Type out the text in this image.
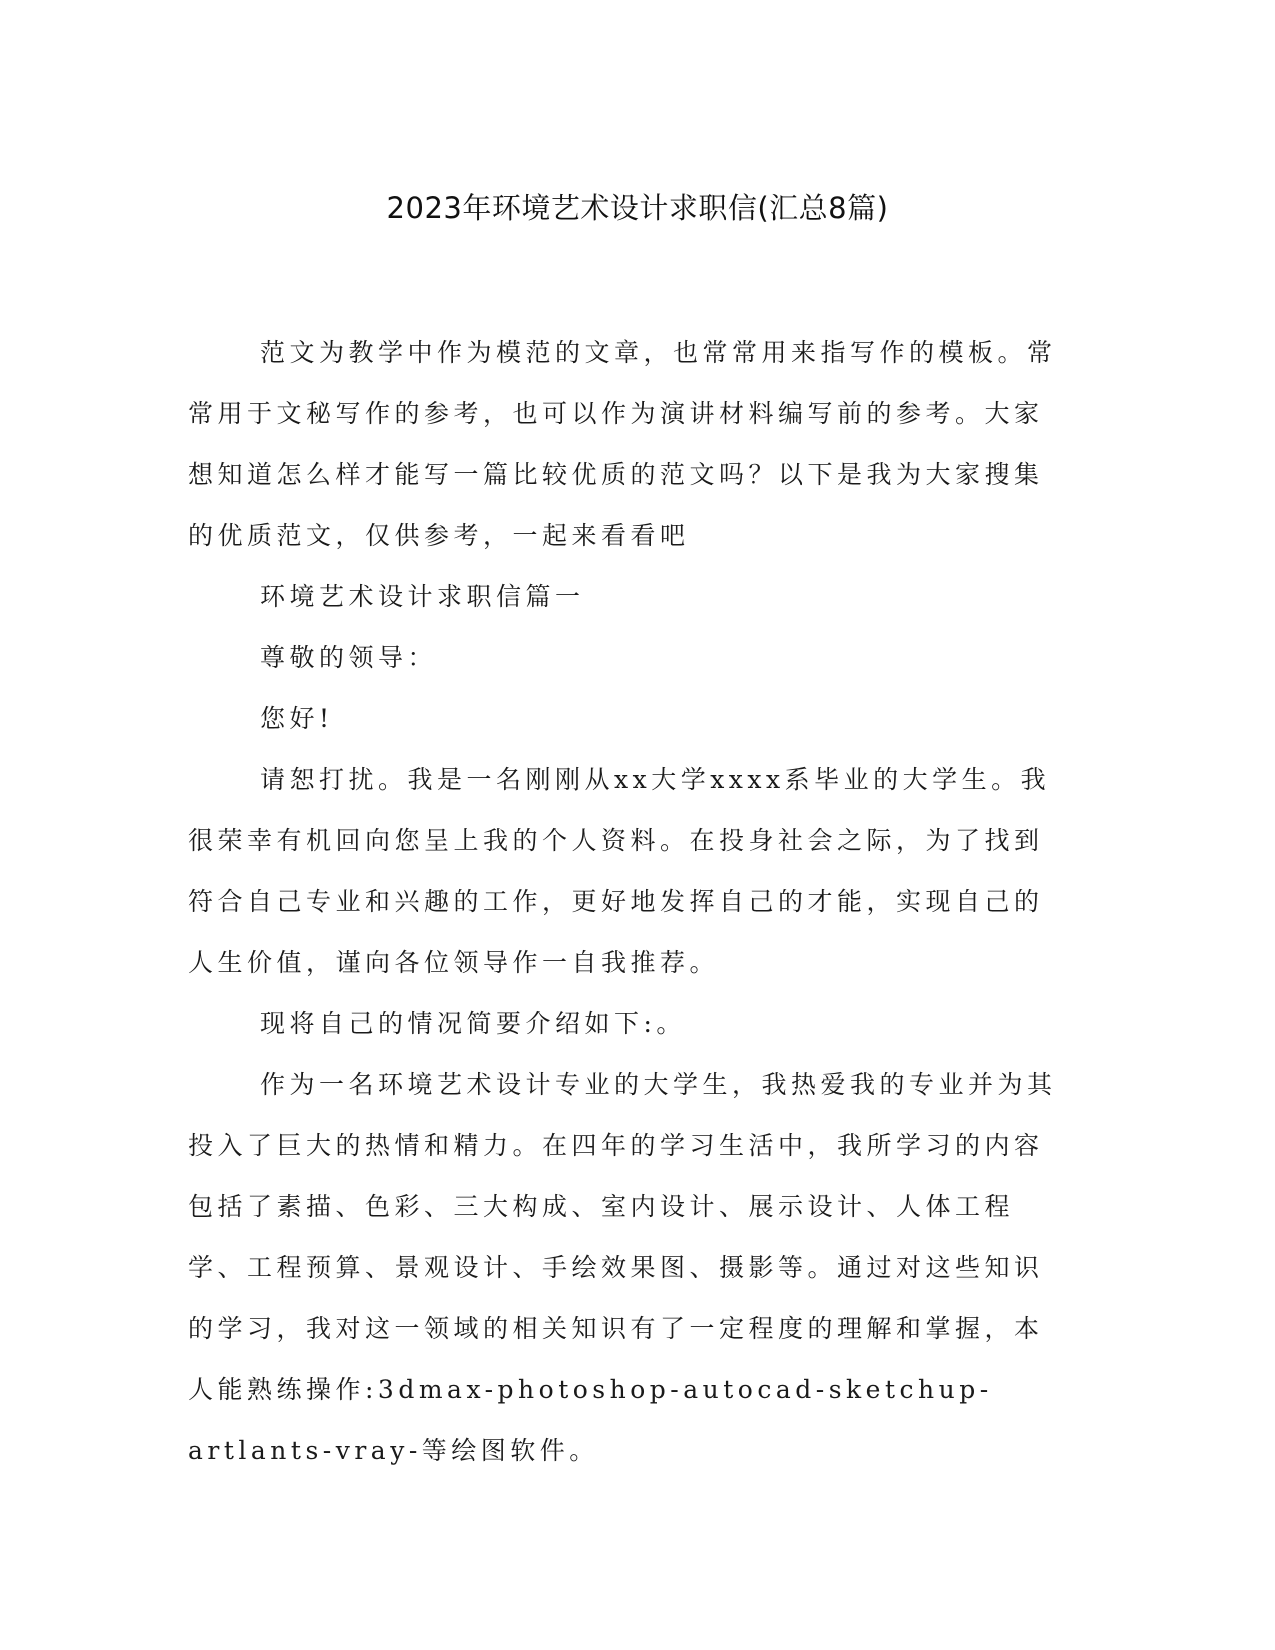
2023年环境艺术设计求职信(汇总8篇)

范文为教学中作为模范的文章，也常常用来指写作的模板。常常用于文秘写作的参考，也可以作为演讲材料编写前的参考。大家想知道怎么样才能写一篇比较优质的范文吗？以下是我为大家搜集的优质范文，仅供参考，一起来看看吧

环境艺术设计求职信篇一

尊敬的领导：

您好!

请恕打扰。我是一名刚刚从xx大学xxxx系毕业的大学生。我很荣幸有机回向您呈上我的个人资料。在投身社会之际，为了找到符合自己专业和兴趣的工作，更好地发挥自己的才能，实现自己的人生价值，谨向各位领导作一自我推荐。

现将自己的情况简要介绍如下:。

作为一名环境艺术设计专业的大学生，我热爱我的专业并为其投入了巨大的热情和精力。在四年的学习生活中，我所学习的内容包括了素描、色彩、三大构成、室内设计、展示设计、人体工程学、工程预算、景观设计、手绘效果图、摄影等。通过对这些知识的学习，我对这一领域的相关知识有了一定程度的理解和掌握，本人能熟练操作:3dmax-photoshop-autocad-sketchup-artlants-vray-等绘图软件。
